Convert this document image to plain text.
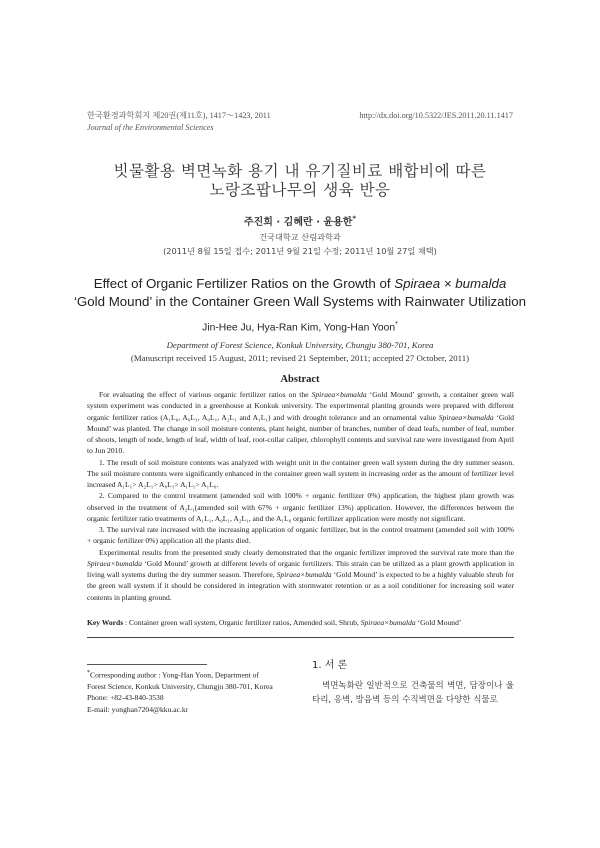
한국환경과학회지 제20권(제11호), 1417～1423, 2011
Journal of the Environmental Sciences
http://dx.doi.org/10.5322/JES.2011.20.11.1417
빗물활용 벽면녹화 용기 내 유기질비료 배합비에 따른
노랑조팝나무의 생육 반응
주진희 · 김혜란 · 윤용한*
건국대학교 산림과학과
(2011년 8월 15일 접수; 2011년 9월 21일 수정; 2011년 10월 27일 채택)
Effect of Organic Fertilizer Ratios on the Growth of Spiraea × bumalda
‘Gold Mound’ in the Container Green Wall Systems with Rainwater Utilization
Jin-Hee Ju, Hya-Ran Kim, Yong-Han Yoon*
Department of Forest Science, Konkuk University, Chungju 380-701, Korea
(Manuscript received 15 August, 2011; revised 21 September, 2011; accepted 27 October, 2011)
Abstract

For evaluating the effect of various organic fertilizer ratios on the Spiraea×bumalda ‘Gold Mound’ growth, a container green wall system experiment was conducted in a greenhouse at Konkuk university. The experimental planting grounds were prepared with different organic fertilizer ratios (A₁L₀, A₀L₁, A₀L₁, A₂L₁ and A₁L₁) and with drought tolerance and an ornamental value Spiraea×bumalda ‘Gold Mound’ was planted. The change in soil moisture contents, plant height, number of branches, number of dead leafs, number of leaf, number of shoots, length of node, length of leaf, width of leaf, root-collar caliper, chlorophyll contents and survival rate were investigated from April to Jun 2010.

1. The result of soil moisture contents was analyzed with weight unit in the container green wall system during the dry summer season. The soil moisture contents were significantly enhanced in the container green wall system in increasing order as the amount of fertilizer level increased A₁L₁> A₂L₁> A₀L₁> A₁L₁> A₁L₀.

2. Compared to the control treatment (amended soil with 100% + organic fertilizer 0%) application, the highest plant growth was observed in the treatment of A₂L₁(amended soil with 67% + organic fertilizer 13%) application. However, the differences between the organic fertilizer ratio treatments of A₁L₁, A₀L₁, A₂L₁, and the A₁L₀ organic fertilizer application were mostly not significant.

3. The survival rate increased with the increasing application of organic fertilizer, but in the control treatment (amended soil with 100% + organic fertilizer 0%) application all the plants died.

Experimental results from the presented study clearly demonstrated that the organic fertilizer improved the survival rate more than the Spiraea×bumalda ‘Gold Mound’ growth at different levels of organic fertilizers. This strain can be utilized as a plant growth application in living wall systems during the dry summer season. Therefore, Spiraea×bumalda ‘Gold Mound’ is expected to be a highly valuable shrub for the green wall system if it should be considered in integration with stormwater retention or as a soil conditioner for increasing soil water contents in planting ground.

Key Words : Container green wall system, Organic fertilizer ratios, Amended soil, Shrub, Spiraea×bumalda ‘Gold Mound’
*Corresponding author : Yong-Han Yoon, Department of
Forest Science, Konkuk University, Chungju 380-701, Korea
Phone: +82-43-840-3538
E-mail: yonghan7204@kku.ac.kr
1. 서 론

벽면녹화란 일반적으로 건축물의 벽면, 담장이나 울타리, 옹벽, 방음벽 등의 수직벽면을 다양한 식물로
